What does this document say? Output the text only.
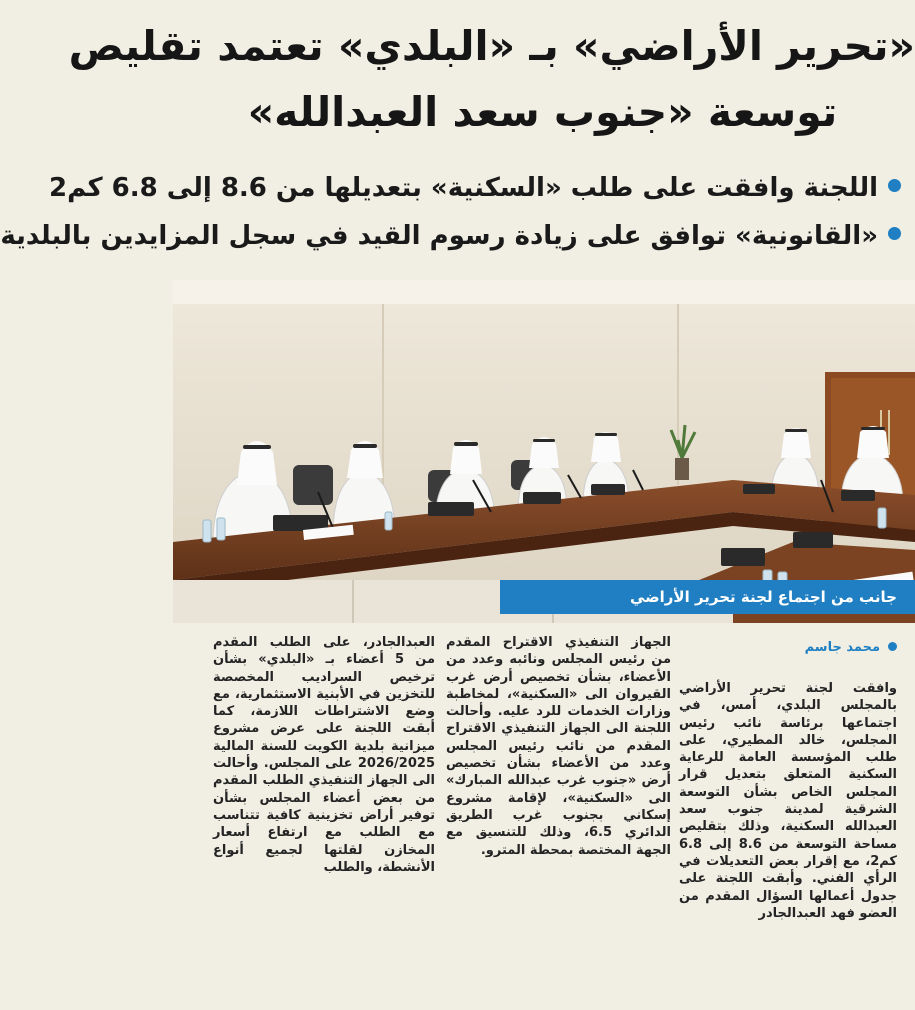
«تحرير الأراضي» بـ «البلدي» تعتمد تقليص
توسعة «جنوب سعد العبدالله»
اللجنة وافقت على طلب «السكنية» بتعديلها من 8.6 إلى 6.8 كم2
«القانونية» توافق على زيادة رسوم القيد في سجل المزايدين بالبلدية
جانب من اجتماع لجنة تحرير الأراضي
محمد جاسم

وافقت لجنة تحرير الأراضي بالمجلس البلدي، أمس، في اجتماعها برئاسة نائب رئيس المجلس، خالد المطيري، على طلب المؤسسة العامة للرعاية السكنية المتعلق بتعديل قرار المجلس الخاص بشأن التوسعة الشرقية لمدينة جنوب سعد العبدالله السكنية، وذلك بتقليص مساحة التوسعة من 8.6 إلى 6.8 كم2، مع إقرار بعض التعديلات في الرأي الفني. وأبقت اللجنة على جدول أعمالها السؤال المقدم من العضو فهد العبدالجادر

الجهاز التنفيذي الاقتراح المقدم من رئيس المجلس ونائبه وعدد من الأعضاء، بشأن تخصيص أرض غرب القيروان الى «السكنية»، لمخاطبة وزارات الخدمات للرد عليه. وأحالت اللجنة الى الجهاز التنفيذي الاقتراح المقدم من نائب رئيس المجلس وعدد من الأعضاء بشأن تخصيص أرض «جنوب غرب عبدالله المبارك» الى «السكنية»، لإقامة مشروع إسكاني بجنوب غرب الطريق الدائري 6.5، وذلك للتنسيق مع الجهة المختصة بمحطة المترو.

العبدالجادر، على الطلب المقدم من 5 أعضاء بـ «البلدي» بشأن ترخيص السراديب المخصصة للتخزين في الأبنية الاستثمارية، مع وضع الاشتراطات اللازمة، كما أبقت اللجنة على عرض مشروع ميزانية بلدية الكويت للسنة المالية 2026/2025 على المجلس. وأحالت الى الجهاز التنفيذي الطلب المقدم من بعض أعضاء المجلس بشأن توفير أراض تخزينية كافية تتناسب مع الطلب مع ارتفاع أسعار المخازن لقلتها لجميع أنواع الأنشطة، والطلب
